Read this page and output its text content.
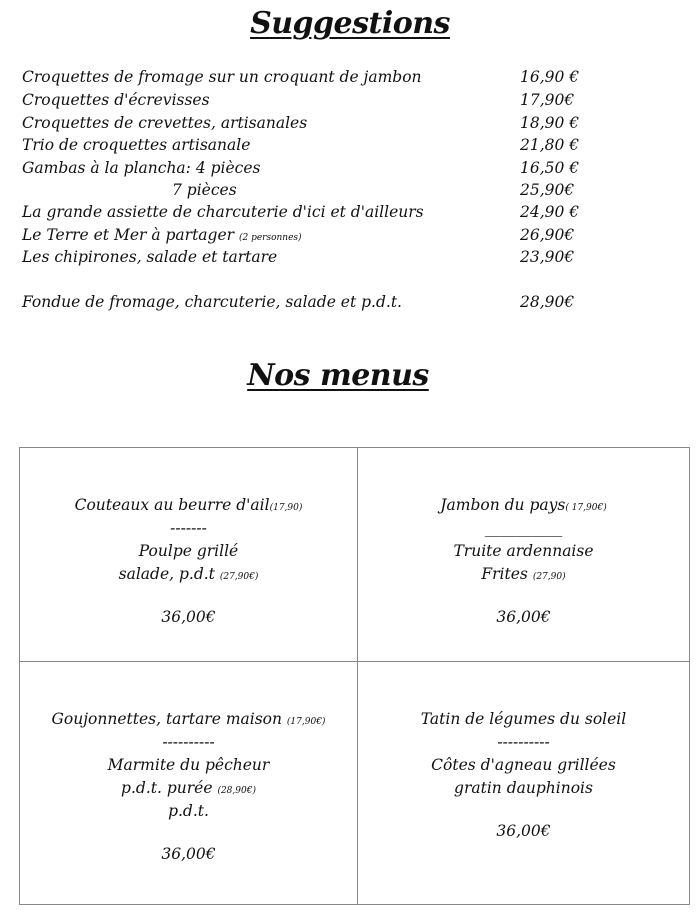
Suggestions
Croquettes de fromage sur un croquant de jambon	16,90 €
Croquettes d'écrevisses	17,90€
Croquettes de crevettes, artisanales	18,90 €
Trio de croquettes artisanale	21,80 €
Gambas à la plancha: 4 pièces	16,50 €
7 pièces	25,90€
La grande assiette de charcuterie d'ici et d'ailleurs	24,90 €
Le Terre et Mer à partager (2 personnes)	26,90€
Les chipirones, salade et tartare	23,90€
Fondue de fromage, charcuterie, salade et p.d.t.	28,90€
Nos menus
Couteaux au beurre d'ail(17,90)
-------
Poulpe grillé
salade, p.d.t (27,90€)
36,00€
Jambon du pays( 17,90€)
__________
Truite ardennaise
Frites (27,90)
36,00€
Goujonnettes, tartare maison (17,90€)
----------
Marmite du pêcheur
p.d.t. purée (28,90€)
p.d.t.
36,00€
Tatin de légumes du soleil
----------
Côtes d'agneau grillées
gratin dauphinois
36,00€
